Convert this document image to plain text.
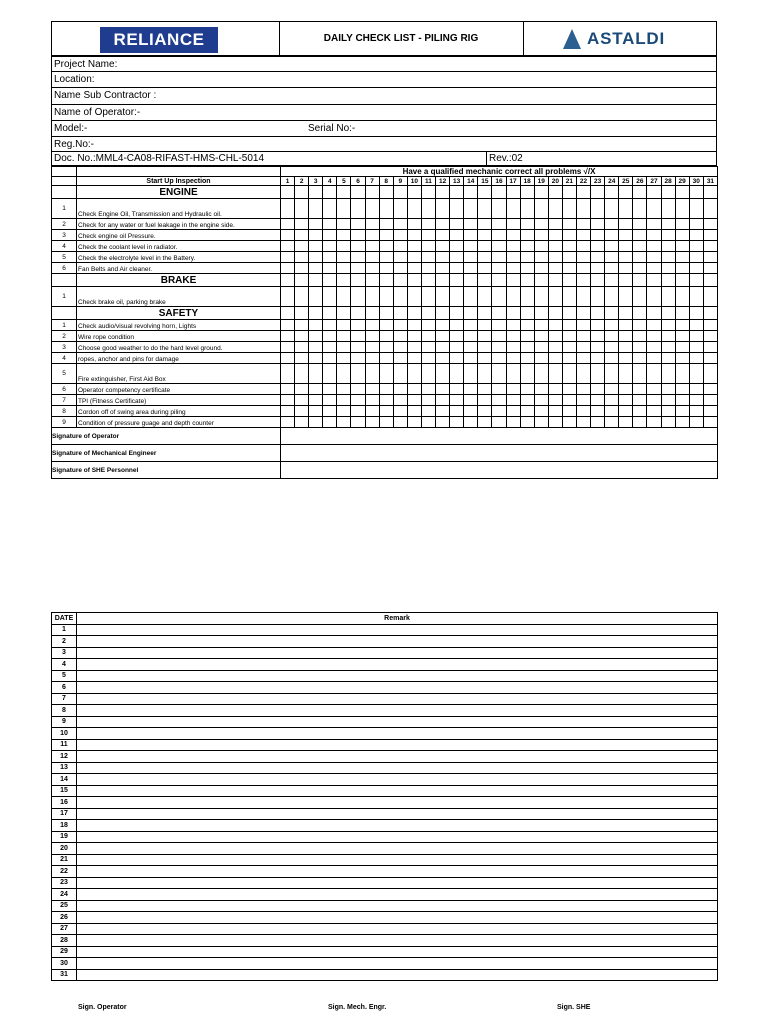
RELIANCE	DAILY CHECK LIST - PILING RIG	ASTALDI
Project Name:
Location:
Name Sub Contractor :
Name of Operator:-
Model:-	Serial No:-
Reg.No:-
Doc. No.:MML4-CA08-RIFAST-HMS-CHL-5014	Rev.:02
		Have a qualified mechanic correct all problems √/X																														
	Start Up Inspection	1	2	3	4	5	6	7	8	9	10	11	12	13	14	15	16	17	18	19	20	21	22	23	24	25	26	27	28	29	30	31
	ENGINE																															
1	Check Engine Oil, Transmission and Hydraulic oil.																															
2	Check for any water or fuel leakage in the engine side.																															
3	Check engine oil Pressure.																															
4	Check the coolant level in radiator.																															
5	Check the electrolyte level in the Battery.																															
6	Fan Belts and Air cleaner.																															
	BRAKE																															
1	Check brake oil, parking brake																															
	SAFETY																															
1	Check audio/visual revolving horn, Lights																															
2	Wire rope condition																															
3	Choose good weather to do the hard level ground.																															
4	ropes, anchor and pins for damage																															
5	Fire extinguisher, First Aid Box																															
6	Operator competency certificate																															
7	TPI (Fitness Certificate)																															
8	Cordon off of swing area during piling																															
9	Condition of pressure guage and depth counter																															
Signature of Operator																																
Signature of Mechanical Engineer																																
Signature of SHE Personnel																																
DATE	Remark
1	
2	
3	
4	
5	
6	
7	
8	
9	
10	
11	
12	
13	
14	
15	
16	
17	
18	
19	
20	
21	
22	
23	
24	
25	
26	
27	
28	
29	
30	
31	
Sign. Operator	Sign. Mech. Engr.	Sign. SHE
